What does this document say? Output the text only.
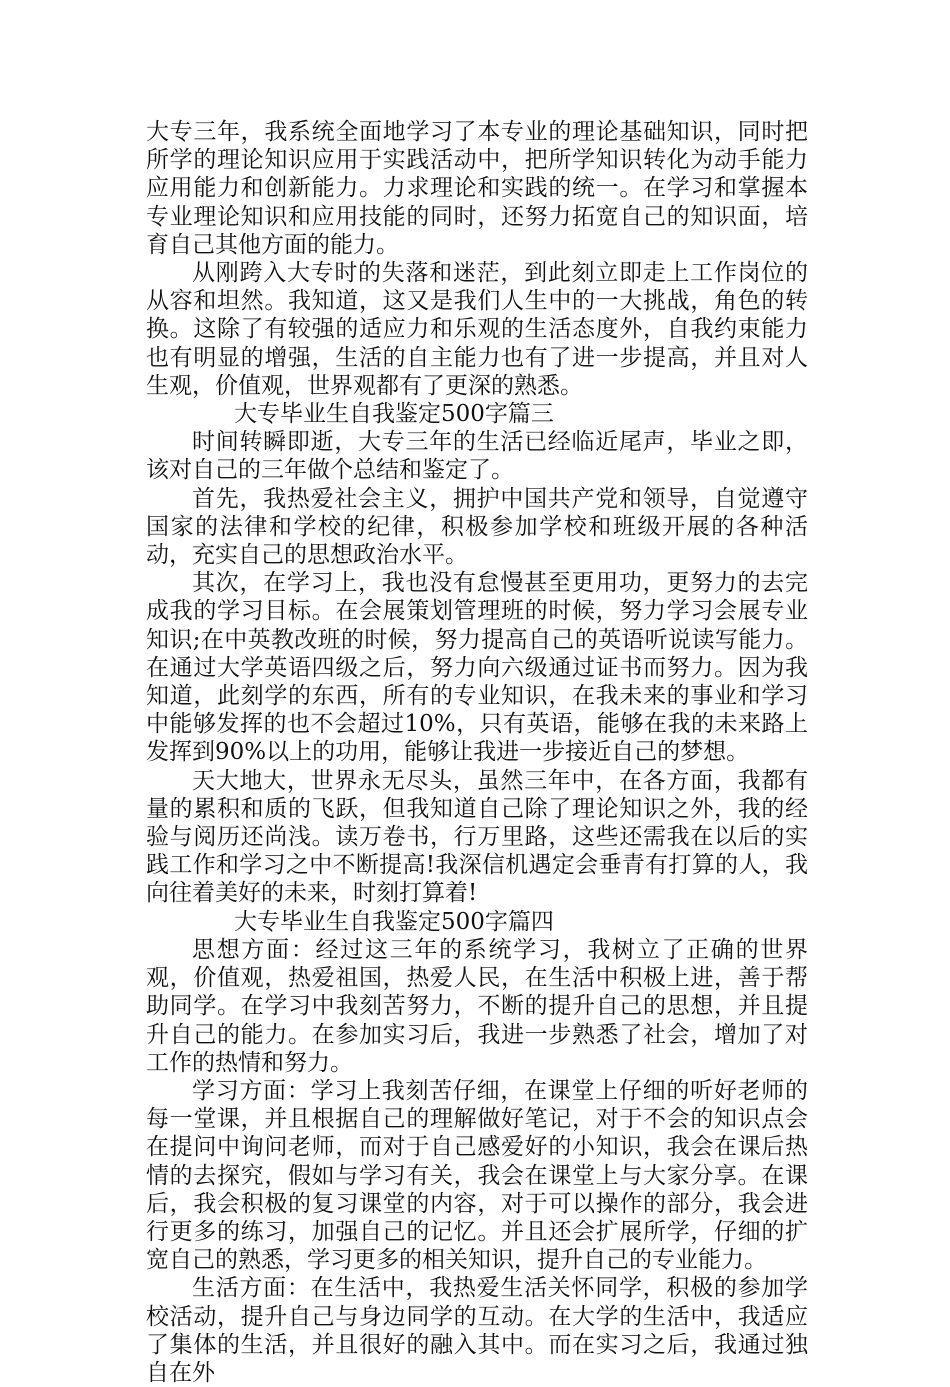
大专三年，我系统全面地学习了本专业的理论基础知识，同时把所学的理论知识应用于实践活动中，把所学知识转化为动手能力应用能力和创新能力。力求理论和实践的统一。在学习和掌握本专业理论知识和应用技能的同时，还努力拓宽自己的知识面，培育自己其他方面的能力。

从刚跨入大专时的失落和迷茫，到此刻立即走上工作岗位的从容和坦然。我知道，这又是我们人生中的一大挑战，角色的转换。这除了有较强的适应力和乐观的生活态度外，自我约束能力也有明显的增强，生活的自主能力也有了进一步提高，并且对人生观，价值观，世界观都有了更深的熟悉。

大专毕业生自我鉴定500字篇三

时间转瞬即逝，大专三年的生活已经临近尾声，毕业之即，该对自己的三年做个总结和鉴定了。

首先，我热爱社会主义，拥护中国共产党和领导，自觉遵守国家的法律和学校的纪律，积极参加学校和班级开展的各种活动，充实自己的思想政治水平。

其次，在学习上，我也没有怠慢甚至更用功，更努力的去完成我的学习目标。在会展策划管理班的时候，努力学习会展专业知识;在中英教改班的时候，努力提高自己的英语听说读写能力。在通过大学英语四级之后，努力向六级通过证书而努力。因为我知道，此刻学的东西，所有的专业知识，在我未来的事业和学习中能够发挥的也不会超过10%，只有英语，能够在我的未来路上发挥到90%以上的功用，能够让我进一步接近自己的梦想。

天大地大，世界永无尽头，虽然三年中，在各方面，我都有量的累积和质的飞跃，但我知道自己除了理论知识之外，我的经验与阅历还尚浅。读万卷书，行万里路，这些还需我在以后的实践工作和学习之中不断提高!我深信机遇定会垂青有打算的人，我向往着美好的未来，时刻打算着!

大专毕业生自我鉴定500字篇四

思想方面：经过这三年的系统学习，我树立了正确的世界观，价值观，热爱祖国，热爱人民，在生活中积极上进，善于帮助同学。在学习中我刻苦努力，不断的提升自己的思想，并且提升自己的能力。在参加实习后，我进一步熟悉了社会，增加了对工作的热情和努力。

学习方面：学习上我刻苦仔细，在课堂上仔细的听好老师的每一堂课，并且根据自己的理解做好笔记，对于不会的知识点会在提问中询问老师，而对于自己感爱好的小知识，我会在课后热情的去探究，假如与学习有关，我会在课堂上与大家分享。在课后，我会积极的复习课堂的内容，对于可以操作的部分，我会进行更多的练习，加强自己的记忆。并且还会扩展所学，仔细的扩宽自己的熟悉，学习更多的相关知识，提升自己的专业能力。

生活方面：在生活中，我热爱生活关怀同学，积极的参加学校活动，提升自己与身边同学的互动。在大学的生活中，我适应了集体的生活，并且很好的融入其中。而在实习之后，我通过独自在外
